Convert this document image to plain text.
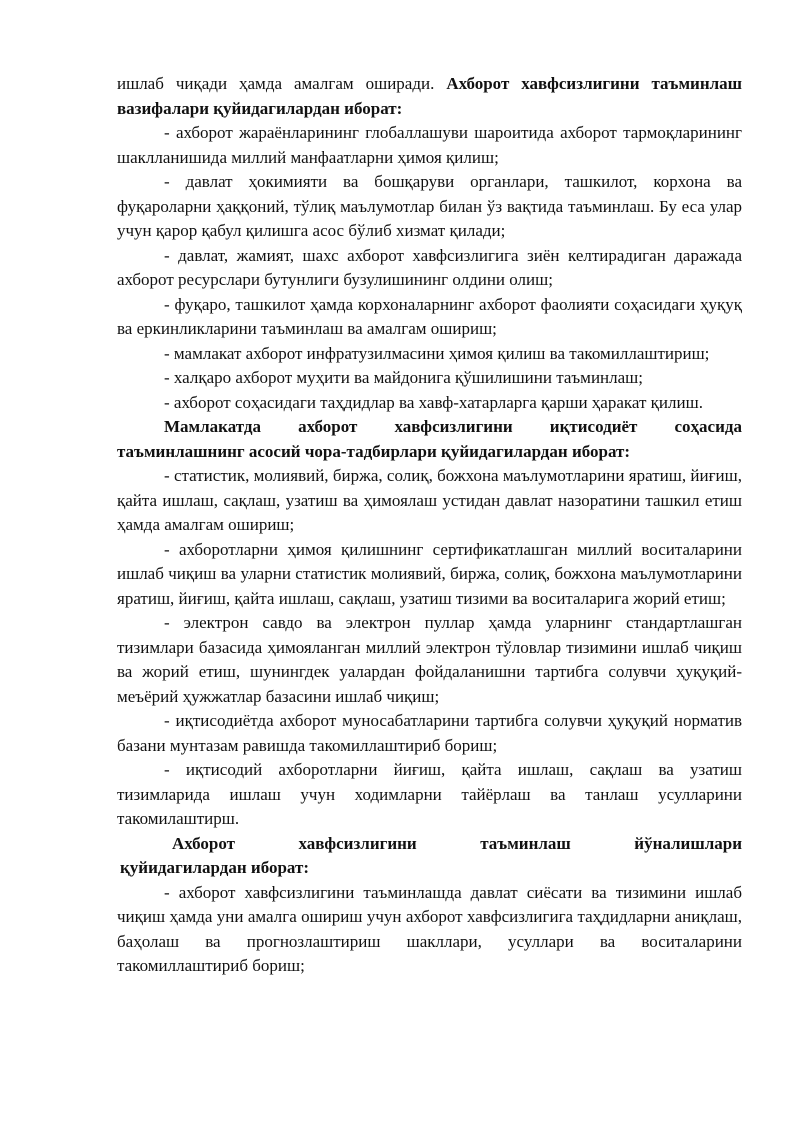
ишлаб чиқади ҳамда амалгам оширади. Ахборот хавфсизлигини таъминлаш вазифалари қуйидагилардан иборат:

- ахборот жараёнларининг глобаллашуви шароитида ахборот тармоқларининг шаклланишида миллий манфаатларни ҳимоя қилиш;

- давлат ҳокимияти ва бошқаруви органлари, ташкилот, корхона ва фуқароларни ҳаққоний, тўлиқ маълумотлар билан ўз вақтида таъминлаш. Бу еса улар учун қарор қабул қилишга асос бўлиб хизмат қилади;

- давлат, жамият, шахс ахборот хавфсизлигига зиён келтирадиган даражада ахборот ресурслари бутунлиги бузулишининг олдини олиш;

- фуқаро, ташкилот ҳамда корхоналарнинг ахборот фаолияти соҳасидаги ҳуқуқ ва еркинликларини таъминлаш ва амалгам ошириш;

- мамлакат ахборот инфратузилмасини ҳимоя қилиш ва такомиллаштириш;

- халқаро ахборот муҳити ва майдонига қўшилишини таъминлаш;

- ахборот соҳасидаги таҳдидлар ва хавф-хатарларга қарши ҳаракат қилиш.

Мамлакатда ахборот хавфсизлигини иқтисодиёт соҳасида таъминлашнинг асосий чора-тадбирлари қуйидагилардан иборат:

- статистик, молиявий, биржа, солиқ, божхона маълумотларини яратиш, йиғиш, қайта ишлаш, сақлаш, узатиш ва ҳимоялаш устидан давлат назоратини ташкил етиш ҳамда амалгам ошириш;

- ахборотларни ҳимоя қилишнинг сертификатлашган миллий воситаларини ишлаб чиқиш ва уларни статистик молиявий, биржа, солиқ, божхона маълумотларини яратиш, йиғиш, қайта ишлаш, сақлаш, узатиш тизими ва воситаларига жорий етиш;

- электрон савдо ва электрон пуллар ҳамда уларнинг стандартлашган тизимлари базасида ҳимояланган миллий электрон тўловлар тизимини ишлаб чиқиш ва жорий етиш, шунингдек уалардан фойдаланишни тартибга солувчи ҳуқуқий-меъёрий ҳужжатлар базасини ишлаб чиқиш;

- иқтисодиётда ахборот муносабатларини тартибга солувчи ҳуқуқий норматив базани мунтазам равишда такомиллаштириб бориш;

- иқтисодий ахборотларни йиғиш, қайта ишлаш, сақлаш ва узатиш тизимларида ишлаш учун ходимларни тайёрлаш ва танлаш усулларини такомилаштирш.

Ахборот хавфсизлигини таъминлаш йўналишлари
қуйидагилардан иборат:

- ахборот хавфсизлигини таъминлашда давлат сиёсати ва тизимини ишлаб чиқиш ҳамда уни амалга ошириш учун ахборот хавфсизлигига таҳдидларни аниқлаш, баҳолаш ва прогнозлаштириш шакллари, усуллари ва воситаларини такомиллаштириб бориш;
